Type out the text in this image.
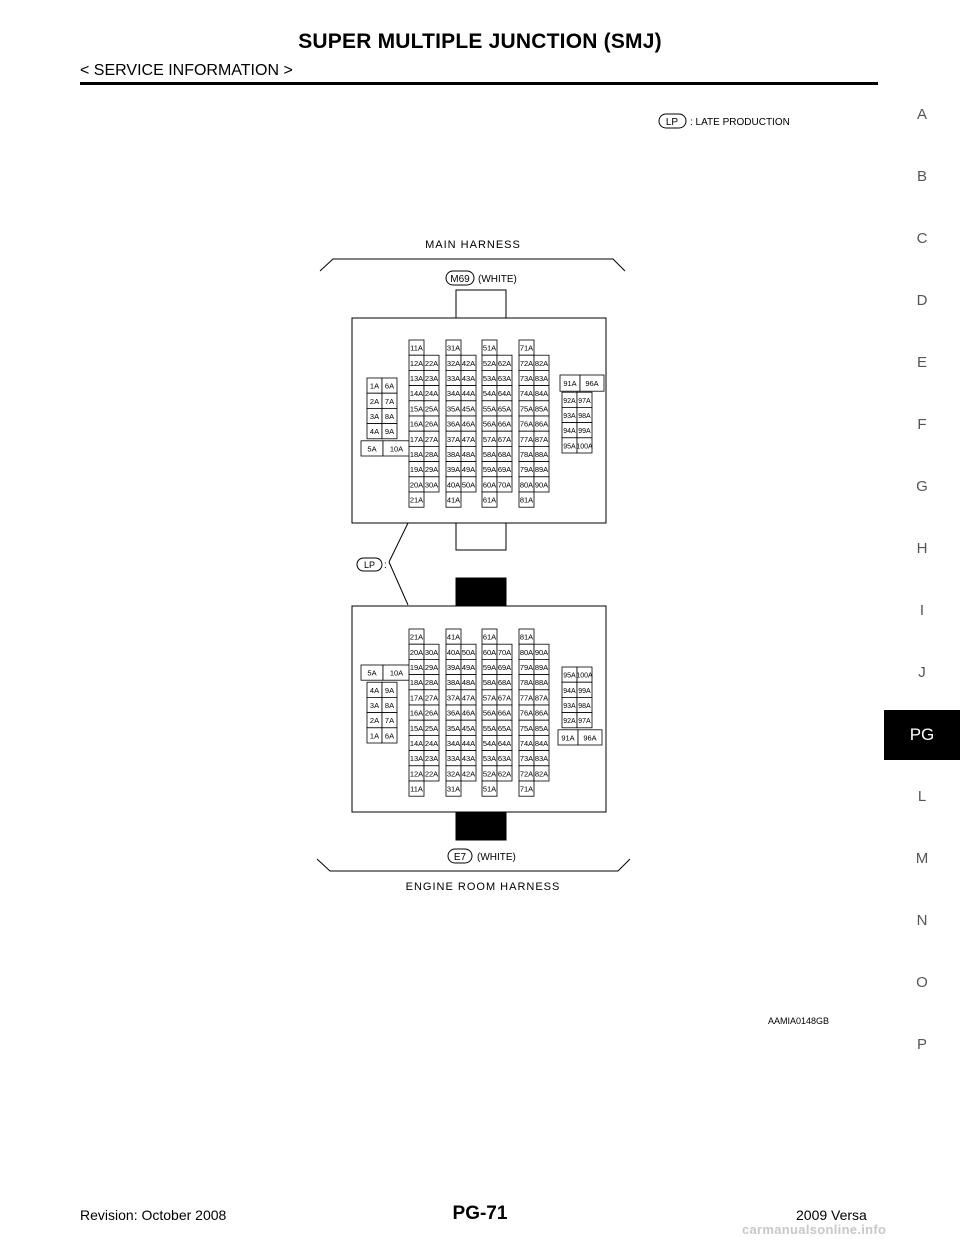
SUPER MULTIPLE JUNCTION (SMJ)
< SERVICE INFORMATION >
A
B
C
D
E
F
G
H
I
J
PG
L
M
N
O
P
LP : LATE PRODUCTION
MAIN HARNESS
M69 (WHITE)
1A 6A
2A 7A
3A 8A
4A 9A
5A 10A
11A
12A 22A
13A 23A
14A 24A
15A 25A
16A 26A
17A 27A
18A 28A
19A 29A
20A 30A
21A
31A
32A 42A
33A 43A
34A 44A
35A 45A
36A 46A
37A 47A
38A 48A
39A 49A
40A 50A
41A
51A
52A 62A
53A 63A
54A 64A
55A 65A
56A 66A
57A 67A
58A 68A
59A 69A
60A 70A
61A
71A
72A 82A
73A 83A
74A 84A
75A 85A
76A 86A
77A 87A
78A 88A
79A 89A
80A 90A
81A
91A 96A
92A 97A
93A 98A
94A 99A
95A 100A
LP :
5A 10A
4A 9A
3A 8A
2A 7A
1A 6A
21A
20A 30A
19A 29A
18A 28A
17A 27A
16A 26A
15A 25A
14A 24A
13A 23A
12A 22A
11A
41A
40A 50A
39A 49A
38A 48A
37A 47A
36A 46A
35A 45A
34A 44A
33A 43A
32A 42A
31A
61A
60A 70A
59A 69A
58A 68A
57A 67A
56A 66A
55A 65A
54A 64A
53A 63A
52A 62A
51A
81A
80A 90A
79A 89A
78A 88A
77A 87A
76A 86A
75A 85A
74A 84A
73A 83A
72A 82A
71A
95A 100A
94A 99A
93A 98A
92A 97A
91A 96A
E7 (WHITE)
ENGINE ROOM HARNESS
AAMIA0148GB
Revision: October 2008	PG-71	2009 Versa
carmanualsonline.info
